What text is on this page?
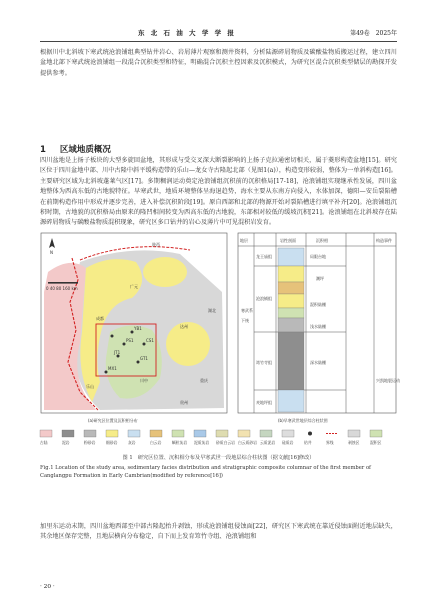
东 北 石 油 大 学 学 报	第49卷　2025年

根据川中北斜坡下寒武统沧浪铺组典型钻井岩心、岩屑薄片观察和测井资料，分析陆源碎屑物质及碳酸盐物质搬运过程，建立四川盆地北部下寒武统沧浪铺组一段混合沉积类型和特征，明确混合沉积主控因素及沉积模式，为研究区混合沉积类型储层的勘探开发提供参考。

1 区域地质概况

四川盆地是上扬子板块的大型多旋回盆地，其形成与受交叉深大断裂影响的上扬子克拉通密切相关，属于菱形构造盆地[15]。研究区位于四川盆地中部、川中古隆中斜平缓构造带的乐山—龙女寺古隆起北部（见图1(a)），构造变形较弱，整体为一单斜构造[16]。主要研究区域为北斜坡蓬莱气区[17]。多期稠润运动奠定沧浪铺组沉积前的沉积格局[17-18]，沧浪铺组实现继承性发展，四川盆地整体为西高东低的古地貌特征。早寒武世，地质环境整体呈海退趋势，海水主要从东南方向侵入，水体加深，德阳—安岳裂陷槽在前期构造作用中形成并逐步完善，进入补偿沉积阶段[19]。原自西部和北部的物源开始对裂陷槽进行填平补齐[20]。沧浪铺组沉积时期，古地貌的沉积格局由原来的隆凹相间转变为西高东低的古地貌，东部相对较低的缓坡沉积[21]。沧浪铺组在北斜坡存在陆源碎屑物质与碳酸盐物质混积现象，研究区多口钻井的岩心及薄片中可见混积岩发育。

陕西
湖北
重庆
贵州
成都
乐山
广元
达州
川中
YB1
PS1
JT1
GT1
CS1
MX1
N
0 40 80 160 km
(a)研究区位置及沉积相分布
地层	岩性剖面	沉积相	构造事件
寒武系
下统
龙王庙组
沧浪铺组
筇竹寺组
麦地坪组
局限台地
潮坪
混积陆棚
浅水陆棚
深水陆棚
兴凯地裂运动
(b)早寒武世地层综合柱状图
古陆	泥岩	粉砂岩	细砂岩	灰岩	白云岩	鲕粒灰岩 泥质灰岩 砂质白云岩 白云质砂岩 云质泥岩 硅质岩	钻井	界线	剥蚀区	混积区

图 1　研究区位置、沉积相分布及早寒武世一段地层综合柱状图（据文献[16]修改）

Fig.1 Location of the study area, sedimentary facies distribution and stratigraphic composite columnar of the first member of Canglangpu Formation in Early Cambrian(modified by reference[16])

加里东运动末期，四川盆地西部至中部古隆起抬升剥蚀，形成沧浪铺组侵蚀面[22]，研究区下寒武统在靠近侵蚀面附近地层缺失，其余地区保存完整，且地层横向分布稳定，自下而上发育筇竹寺组、沧浪铺组和

· 20 ·
